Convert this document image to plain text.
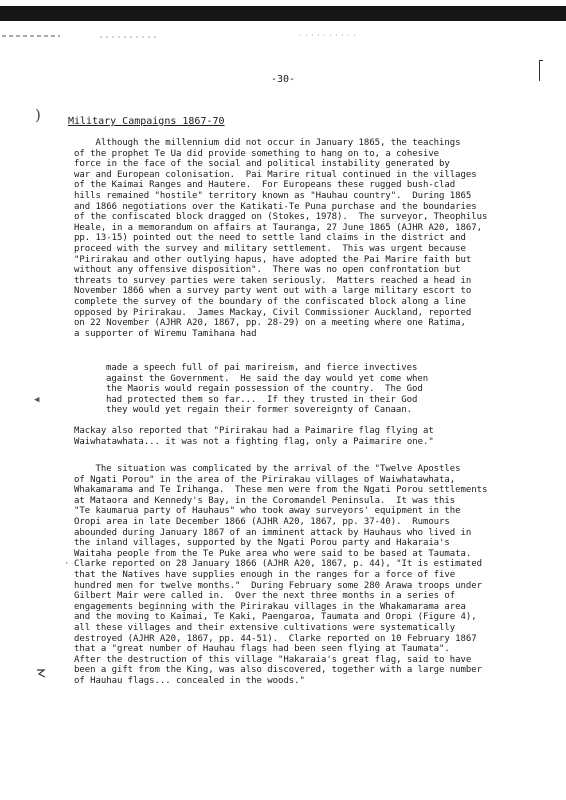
)
-30-
Military Campaigns 1867-70
Although the millennium did not occur in January 1865, the teachings
of the prophet Te Ua did provide something to hang on to, a cohesive
force in the face of the social and political instability generated by
war and European colonisation.  Pai Marire ritual continued in the villages
of the Kaimai Ranges and Hautere.  For Europeans these rugged bush-clad
hills remained "hostile" territory known as "Hauhau country".  During 1865
and 1866 negotiations over the Katikati-Te Puna purchase and the boundaries
of the confiscated block dragged on (Stokes, 1978).  The surveyor, Theophilus
Heale, in a memorandum on affairs at Tauranga, 27 June 1865 (AJHR A20, 1867,
pp. 13-15) pointed out the need to settle land claims in the district and
proceed with the survey and military settlement.  This was urgent because
"Pirirakau and other outlying hapus, have adopted the Pai Marire faith but
without any offensive disposition".  There was no open confrontation but
threats to survey parties were taken seriously.  Matters reached a head in
November 1866 when a survey party went out with a large military escort to
complete the survey of the boundary of the confiscated block along a line
opposed by Pirirakau.  James Mackay, Civil Commissioner Auckland, reported
on 22 November (AJHR A20, 1867, pp. 28-29) on a meeting where one Ratima,
a supporter of Wiremu Tamihana had
made a speech full of pai marireism, and fierce invectives
against the Government.  He said the day would yet come when
the Maoris would regain possession of the country.  The God
had protected them so far...  If they trusted in their God
they would yet regain their former sovereignty of Canaan.
Mackay also reported that "Pirirakau had a Paimarire flag flying at
Waiwhatawhata... it was not a fighting flag, only a Paimarire one."
The situation was complicated by the arrival of the "Twelve Apostles
of Ngati Porou" in the area of the Pirirakau villages of Waiwhatawhata,
Whakamarama and Te Irihanga.  These men were from the Ngati Porou settlements
at Mataora and Kennedy's Bay, in the Coromandel Peninsula.  It was this
"Te kaumarua party of Hauhaus" who took away surveyors' equipment in the
Oropi area in late December 1866 (AJHR A20, 1867, pp. 37-40).  Rumours
abounded during January 1867 of an imminent attack by Hauhaus who lived in
the inland villages, supported by the Ngati Porou party and Hakaraia's
Waitaha people from the Te Puke area who were said to be based at Taumata.
Clarke reported on 28 January 1866 (AJHR A20, 1867, p. 44), "It is estimated
that the Natives have supplies enough in the ranges for a force of five
hundred men for twelve months."  During February some 280 Arawa troops under
Gilbert Mair were called in.  Over the next three months in a series of
engagements beginning with the Pirirakau villages in the Whakamarama area
and the moving to Kaimai, Te Kaki, Paengaroa, Taumata and Oropi (Figure 4),
all these villages and their extensive cultivations were systematically
destroyed (AJHR A20, 1867, pp. 44-51).  Clarke reported on 10 February 1867
that a "great number of Hauhau flags had been seen flying at Taumata".
After the destruction of this village "Hakaraia's great flag, said to have
been a gift from the King, was also discovered, together with a large number
of Hauhau flags... concealed in the woods."
◀
·
